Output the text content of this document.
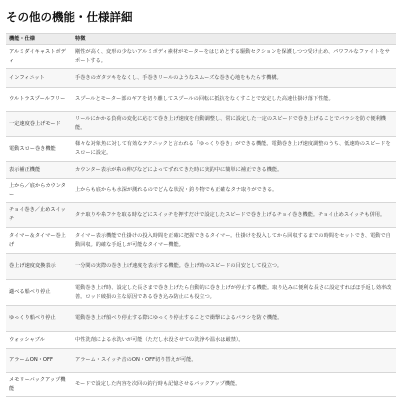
その他の機能・仕様詳細
機能・仕様	特徴
アルミダイキャストボディ	剛性が高く、変形の少ないアルミボディ素材がモーターをはじめとする駆動セクションを保護しつつ受け止め、パワフルなファイトをサポートする。
インフィニット	手巻きのガタツキをなくし、手巻きリールのようなスムーズな巻き心地をもたらす機構。
ウルトラスプールフリー	スプールとモーター部のギアを切り離してスプールの回転に抵抗をなくすことで安定した高速仕掛け落下性能。
一定速度巻上げモード	リールにかかる負荷の変化に応じて巻き上げ速度を自動調整し、常に設定した一定のスピードで巻き上げることでバラシを防ぐ便利機能。
電動スロー巻き機能	様々な対象魚に対して有効なテクニックと言われる「ゆっくり巻き」ができる機能。電動巻き上げ速度調整のうち、低速時のスピードをスローに設定。
表示補正機能	カウンター表示が糸の伸びなどによってずれてきた時に実釣中に簡単に補正できる機能。
上から／底からカウンター	上からも底からも水深が測れるのでどんな状況・釣り物でも正確なタナ取りができる。
チョイ巻き／止めスイッチ	タナ取りや糸フケを取る時などにスイッチを押すだけで設定したスピードで巻き上げるチョイ巻き機能。チョイ止めスイッチも併用。
タイマー＆タイマー巻上げ	タイマー表示機能で仕掛けの投入時間を正確に把握できるタイマー。仕掛けを投入してから回収するまでの時間をセットでき、電動で自動回収。的確な手返しが可能なタイマー機能。
巻上げ速度変換表示	一分間の実際の巻き上げ速度を表示する機能。巻上げ時のスピードの目安として役立つ。
適べる船ベり停止	電動巻き上げ時、設定した長さまで巻き上げたら自動的に巻き上げが停止する機能。取り込みに便利な長さに設定すればほ手返し効率改善。ロッド破損の主な原因である巻き込み防止にも役立つ。
ゆっくり船ベり停止	電動巻き上げ船ベり停止する際にゆっくり停止することで衝撃によるバラシを防ぐ機能。
ウォッシャブル	中性洗剤による水洗いが可能（ただし水没させての洗浄や温水は厳禁）。
アラームON・OFF	アラーム・スイッチ音のON・OFF切り替えが可能。
メモリーバックアップ機能	モードで設定した内容を次回の釣行時も記憶させるバックアップ機能。
